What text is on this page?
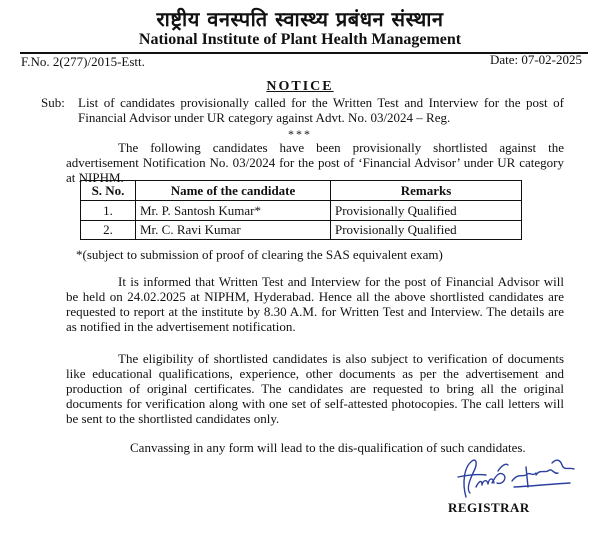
राष्ट्रीय वनस्पति स्वास्थ्य प्रबंधन संस्थान
National Institute of Plant Health Management
F.No. 2(277)/2015-Estt.	Date: 07-02-2025
NOTICE
Sub: List of candidates provisionally called for the Written Test and Interview for the post of Financial Advisor under UR category against Advt. No. 03/2024 – Reg.
***
The following candidates have been provisionally shortlisted against the advertisement Notification No. 03/2024 for the post of ‘Financial Advisor’ under UR category at NIPHM.
S. No.	Name of the candidate	Remarks
1.	Mr. P. Santosh Kumar*	Provisionally Qualified
2.	Mr. C. Ravi Kumar	Provisionally Qualified
*(subject to submission of proof of clearing the SAS equivalent exam)
It is informed that Written Test and Interview for the post of Financial Advisor will be held on 24.02.2025 at NIPHM, Hyderabad. Hence all the above shortlisted candidates are requested to report at the institute by 8.30 A.M. for Written Test and Interview. The details are as notified in the advertisement notification.
The eligibility of shortlisted candidates is also subject to verification of documents like educational qualifications, experience, other documents as per the advertisement and production of original certificates. The candidates are requested to bring all the original documents for verification along with one set of self-attested photocopies. The call letters will be sent to the shortlisted candidates only.
Canvassing in any form will lead to the dis-qualification of such candidates.
REGISTRAR
